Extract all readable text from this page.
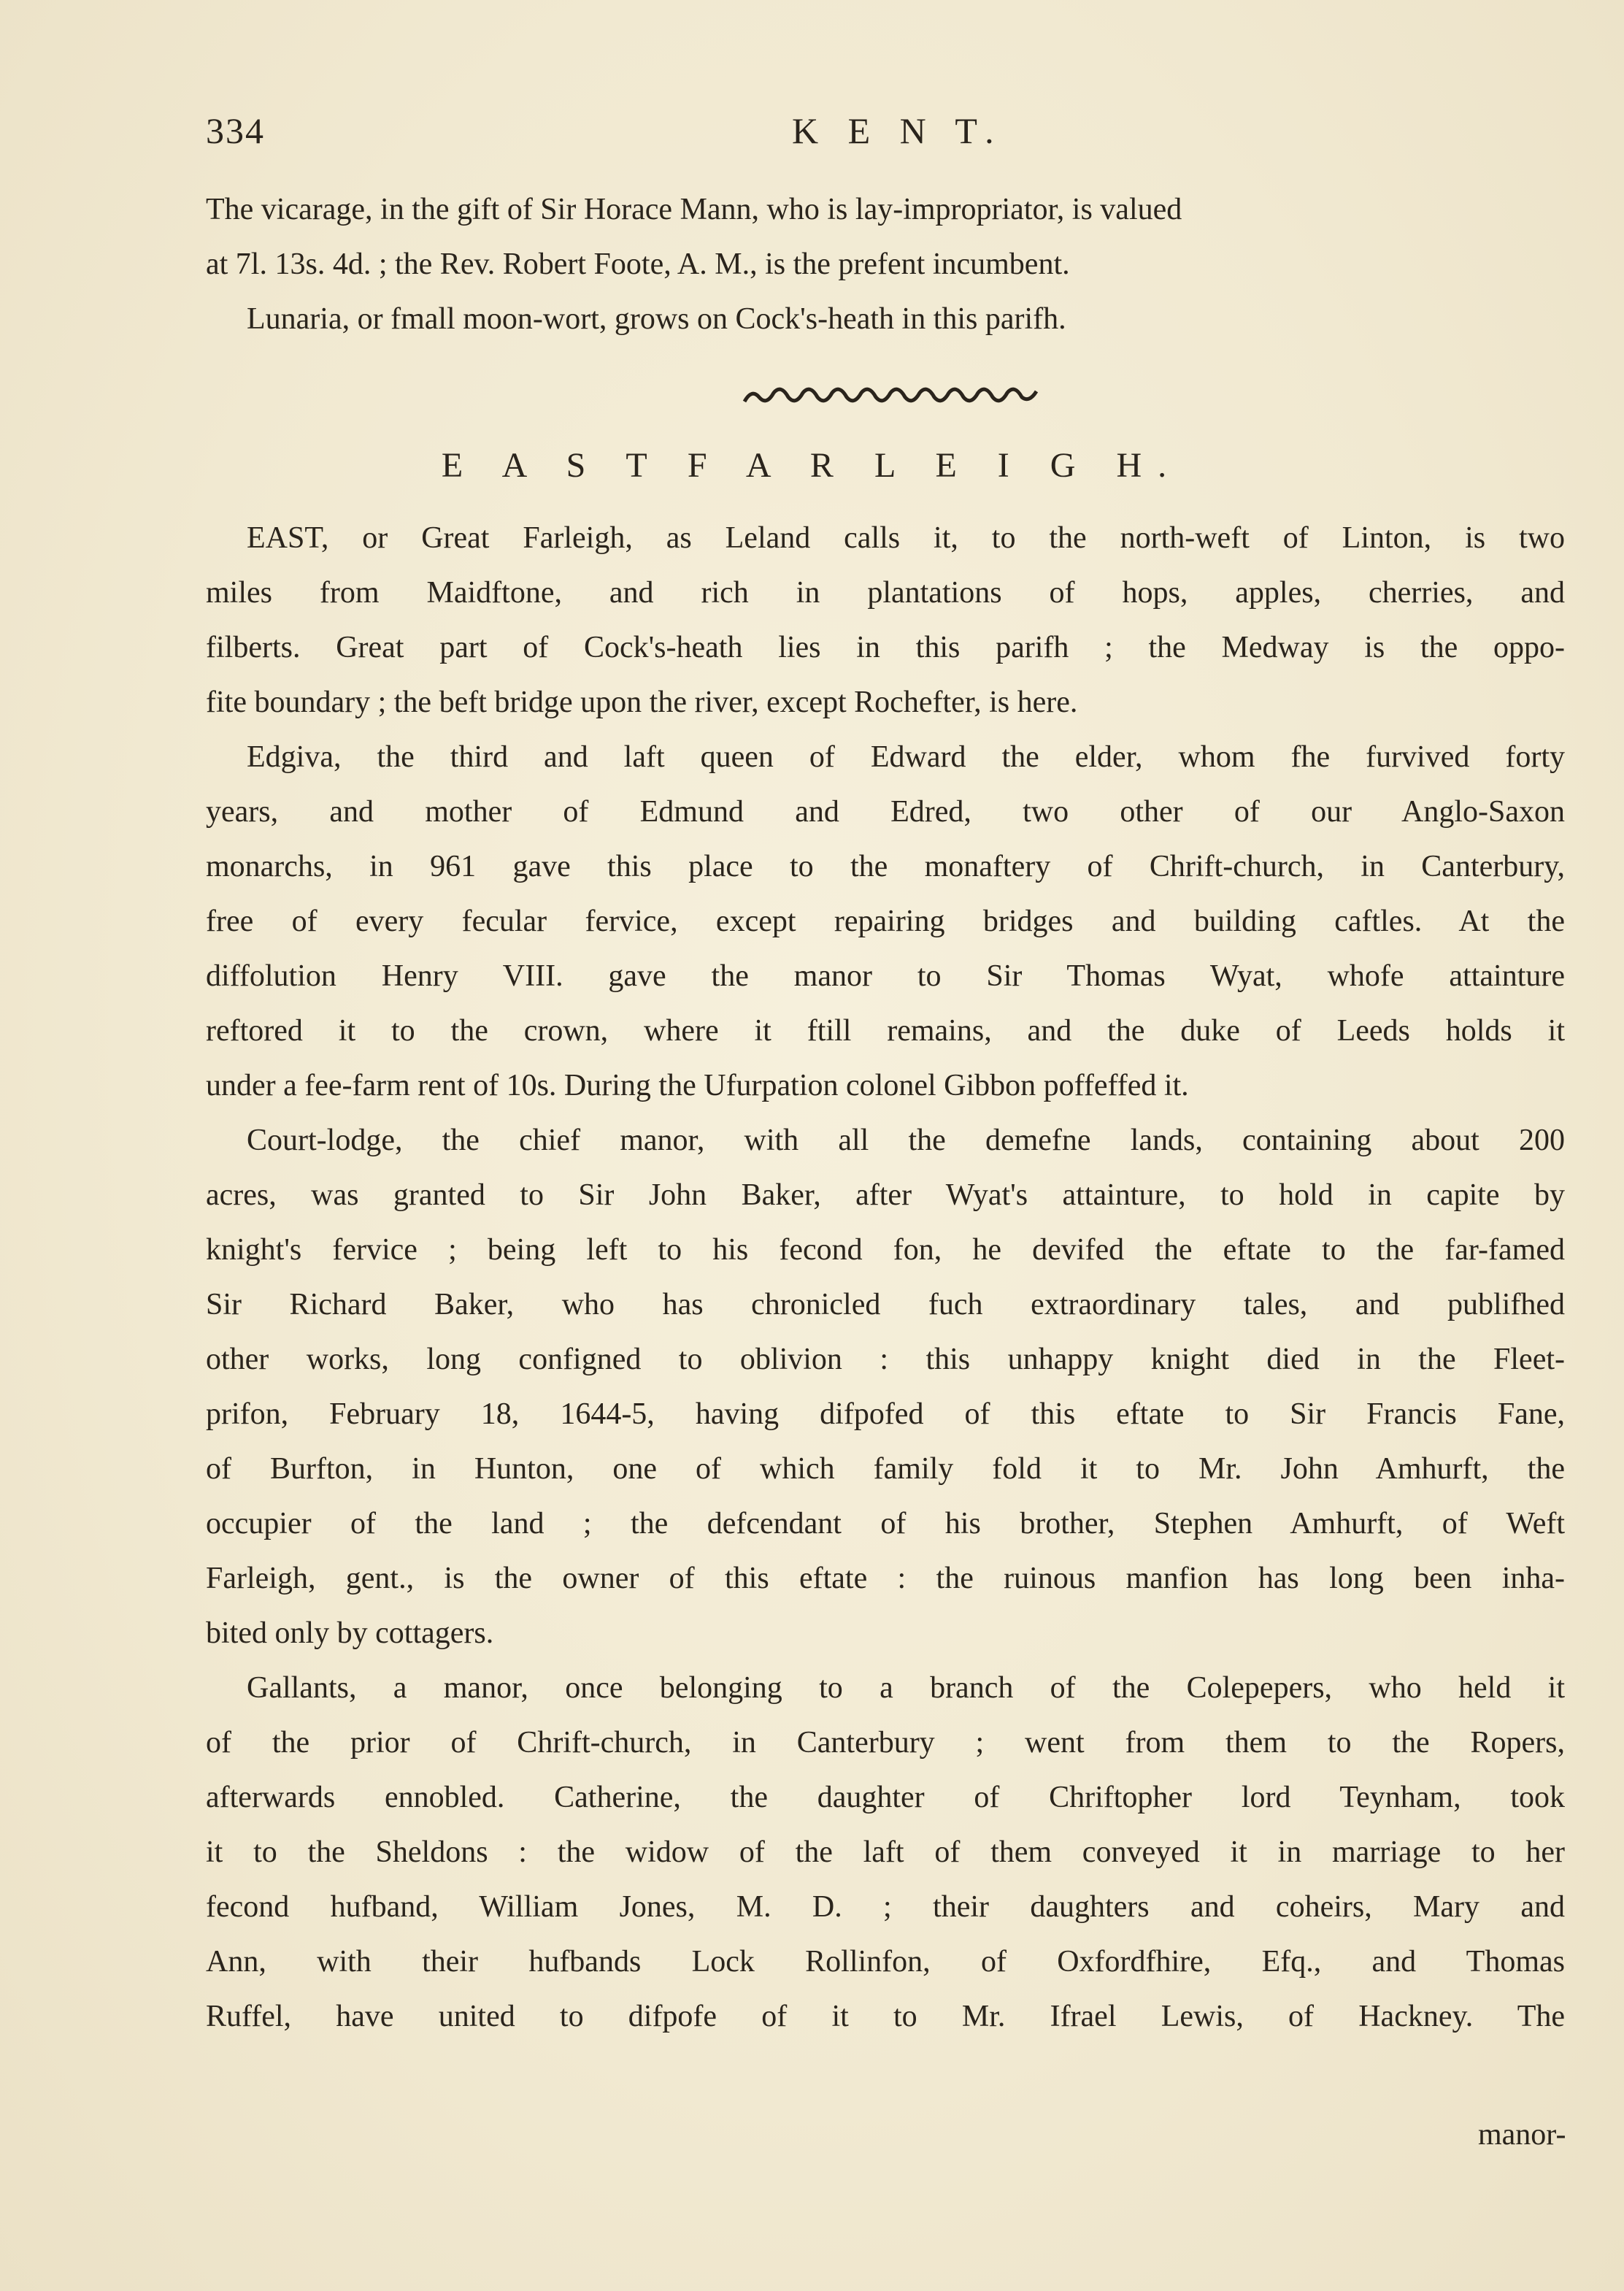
334	K E N T.
The vicarage, in the gift of Sir Horace Mann, who is lay-impropriator, is valued
at 7l. 13s. 4d. ; the Rev. Robert Foote, A. M., is the prefent incumbent.
Lunaria, or fmall moon-wort, grows on Cock's-heath in this parifh.
E A S T F A R L E I G H.
EAST, or Great Farleigh, as Leland calls it, to the north-weft of Linton, is two
miles from Maidftone, and rich in plantations of hops, apples, cherries, and
filberts. Great part of Cock's-heath lies in this parifh ; the Medway is the oppo-
fite boundary ; the beft bridge upon the river, except Rochefter, is here.
Edgiva, the third and laft queen of Edward the elder, whom fhe furvived forty
years, and mother of Edmund and Edred, two other of our Anglo-Saxon
monarchs, in 961 gave this place to the monaftery of Chrift-church, in Canterbury,
free of every fecular fervice, except repairing bridges and building caftles. At the
diffolution Henry VIII. gave the manor to Sir Thomas Wyat, whofe attainture
reftored it to the crown, where it ftill remains, and the duke of Leeds holds it
under a fee-farm rent of 10s. During the Ufurpation colonel Gibbon poffeffed it.
Court-lodge, the chief manor, with all the demefne lands, containing about 200
acres, was granted to Sir John Baker, after Wyat's attainture, to hold in capite by
knight's fervice ; being left to his fecond fon, he devifed the eftate to the far-famed
Sir Richard Baker, who has chronicled fuch extraordinary tales, and publifhed
other works, long configned to oblivion : this unhappy knight died in the Fleet-
prifon, February 18, 1644-5, having difpofed of this eftate to Sir Francis Fane,
of Burfton, in Hunton, one of which family fold it to Mr. John Amhurft, the
occupier of the land ; the defcendant of his brother, Stephen Amhurft, of Weft
Farleigh, gent., is the owner of this eftate : the ruinous manfion has long been inha-
bited only by cottagers.
Gallants, a manor, once belonging to a branch of the Colepepers, who held it
of the prior of Chrift-church, in Canterbury ; went from them to the Ropers,
afterwards ennobled. Catherine, the daughter of Chriftopher lord Teynham, took
it to the Sheldons : the widow of the laft of them conveyed it in marriage to her
fecond hufband, William Jones, M. D. ; their daughters and coheirs, Mary and
Ann, with their hufbands Lock Rollinfon, of Oxfordfhire, Efq., and Thomas
Ruffel, have united to difpofe of it to Mr. Ifrael Lewis, of Hackney. The
manor-
